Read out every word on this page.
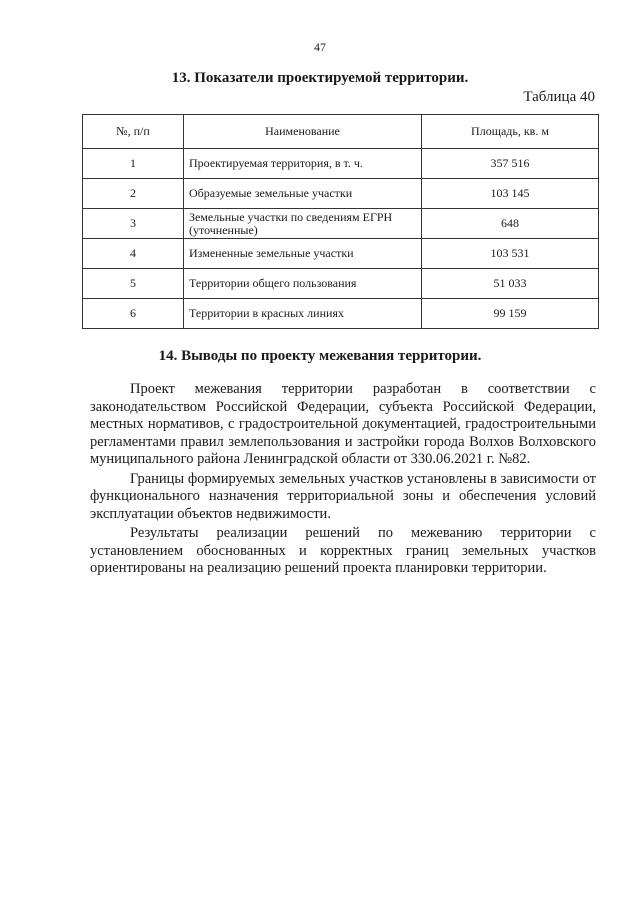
47
13. Показатели проектируемой территории.
Таблица 40
№, п/п	Наименование	Площадь, кв. м
1	Проектируемая территория, в т. ч.	357 516
2	Образуемые земельные участки	103 145
3	Земельные участки по сведениям ЕГРН (уточненные)	648
4	Измененные земельные участки	103 531
5	Территории общего пользования	51 033
6	Территории в красных линиях	99 159
14. Выводы по проекту межевания территории.

Проект межевания территории разработан в соответствии с законодательством Российской Федерации, субъекта Российской Федерации, местных нормативов, с градостроительной документацией, градостроительными регламентами правил землепользования и застройки города Волхов Волховского муниципального района Ленинградской области от 330.06.2021 г. №82.

Границы формируемых земельных участков установлены в зависимости от функционального назначения территориальной зоны и обеспечения условий эксплуатации объектов недвижимости.

Результаты реализации решений по межеванию территории с установлением обоснованных и корректных границ земельных участков ориентированы на реализацию решений проекта планировки территории.
